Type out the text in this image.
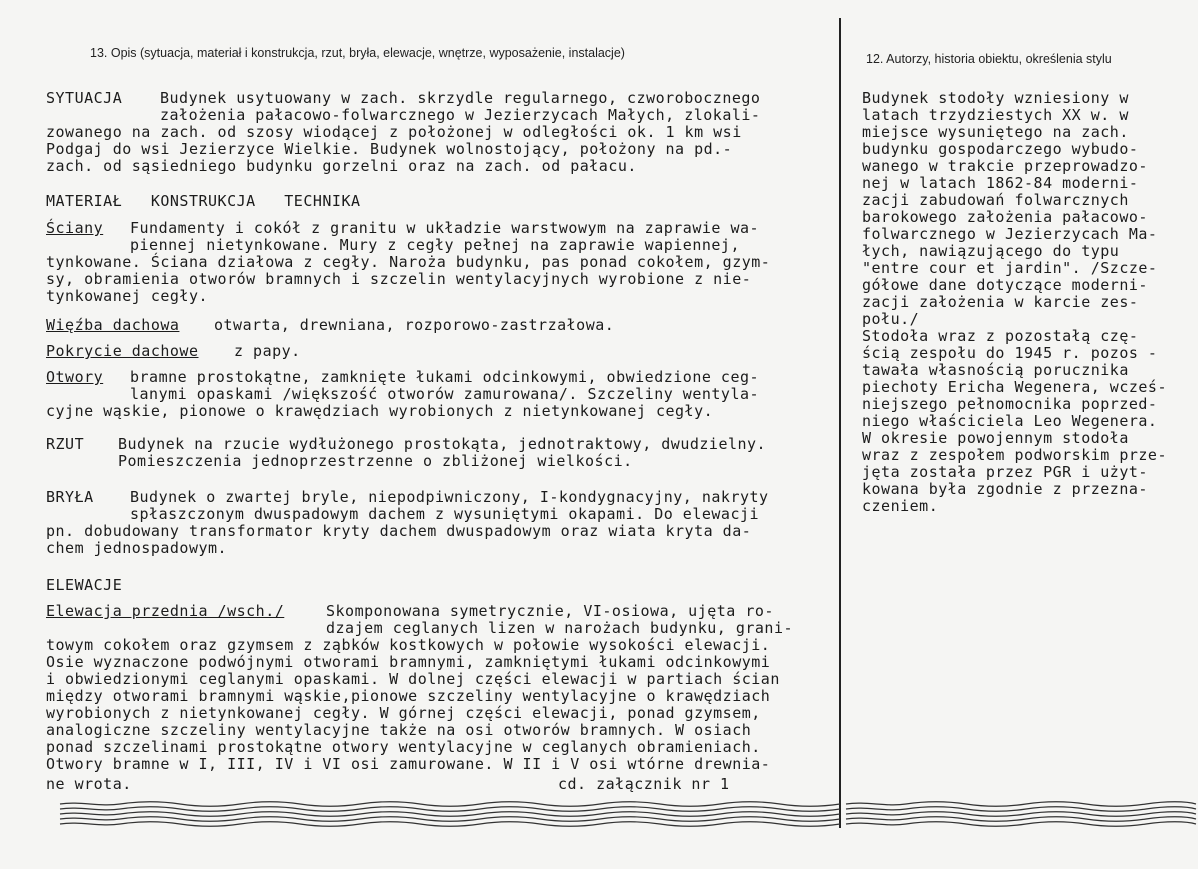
13. Opis (sytuacja, materiał i konstrukcja, rzut, bryła, elewacje, wnętrze, wyposażenie, instalacje)	12. Autorzy, historia obiektu, określenia stylu
SYTUACJA	Budynek usytuowany w zach. skrzydle regularnego, czworobocznego
założenia pałacowo-folwarcznego w Jezierzycach Małych, zlokali-
zowanego na zach. od szosy wiodącej z położonej w odległości ok. 1 km wsi
Podgaj do wsi Jezierzyce Wielkie. Budynek wolnostojący, położony na pd.-
zach. od sąsiedniego budynku gorzelni oraz na zach. od pałacu.
MATERIAŁ   KONSTRUKCJA   TECHNIKA
Ściany Fundamenty i cokół z granitu w układzie warstwowym na zaprawie wa-
piennej nietynkowane. Mury z cegły pełnej na zaprawie wapiennej,
tynkowane. Ściana działowa z cegły. Naroża budynku, pas ponad cokołem, gzym-
sy, obramienia otworów bramnych i szczelin wentylacyjnych wyrobione z nie-
tynkowanej cegły.
Więźba dachowa otwarta, drewniana, rozporowo-zastrzałowa.
Pokrycie dachowe z papy.
Otwory bramne prostokątne, zamknięte łukami odcinkowymi, obwiedzione ceg-
lanymi opaskami /większość otworów zamurowana/. Szczeliny wentyla-
cyjne wąskie, pionowe o krawędziach wyrobionych z nietynkowanej cegły.
RZUT Budynek na rzucie wydłużonego prostokąta, jednotraktowy, dwudzielny.
Pomieszczenia jednoprzestrzenne o zbliżonej wielkości.
BRYŁA Budynek o zwartej bryle, niepodpiwniczony, I-kondygnacyjny, nakryty
spłaszczonym dwuspadowym dachem z wysuniętymi okapami. Do elewacji
pn. dobudowany transformator kryty dachem dwuspadowym oraz wiata kryta da-
chem jednospadowym.
ELEWACJE
Elewacja przednia /wsch./	Skomponowana symetrycznie, VI-osiowa, ujęta ro-
dzajem ceglanych lizen w narożach budynku, grani-
towym cokołem oraz gzymsem z ząbków kostkowych w połowie wysokości elewacji.
Osie wyznaczone podwójnymi otworami bramnymi, zamkniętymi łukami odcinkowymi
i obwiedzionymi ceglanymi opaskami. W dolnej części elewacji w partiach ścian
między otworami bramnymi wąskie,pionowe szczeliny wentylacyjne o krawędziach
wyrobionych z nietynkowanej cegły. W górnej części elewacji, ponad gzymsem,
analogiczne szczeliny wentylacyjne także na osi otworów bramnych. W osiach
ponad szczelinami prostokątne otwory wentylacyjne w ceglanych obramieniach.
Otwory bramne w I, III, IV i VI osi zamurowane. W II i V osi wtórne drewnia-
ne wrota.	cd. załącznik nr 1
Budynek stodoły wzniesiony w
latach trzydziestych XX w. w
miejsce wysuniętego na zach.
budynku gospodarczego wybudo-
wanego w trakcie przeprowadzo-
nej w latach 1862-84 moderni-
zacji zabudowań folwarcznych
barokowego założenia pałacowo-
folwarcznego w Jezierzycach Ma-
łych, nawiązującego do typu
"entre cour et jardin". /Szcze-
gółowe dane dotyczące moderni-
zacji założenia w karcie zes-
połu./
Stodoła wraz z pozostałą czę-
ścią zespołu do 1945 r. pozos -
tawała własnością porucznika
piechoty Ericha Wegenera, wcześ-
niejszego pełnomocnika poprzed-
niego właściciela Leo Wegenera.
W okresie powojennym stodoła
wraz z zespołem podworskim prze-
jęta została przez PGR i użyt-
kowana była zgodnie z przezna-
czeniem.
